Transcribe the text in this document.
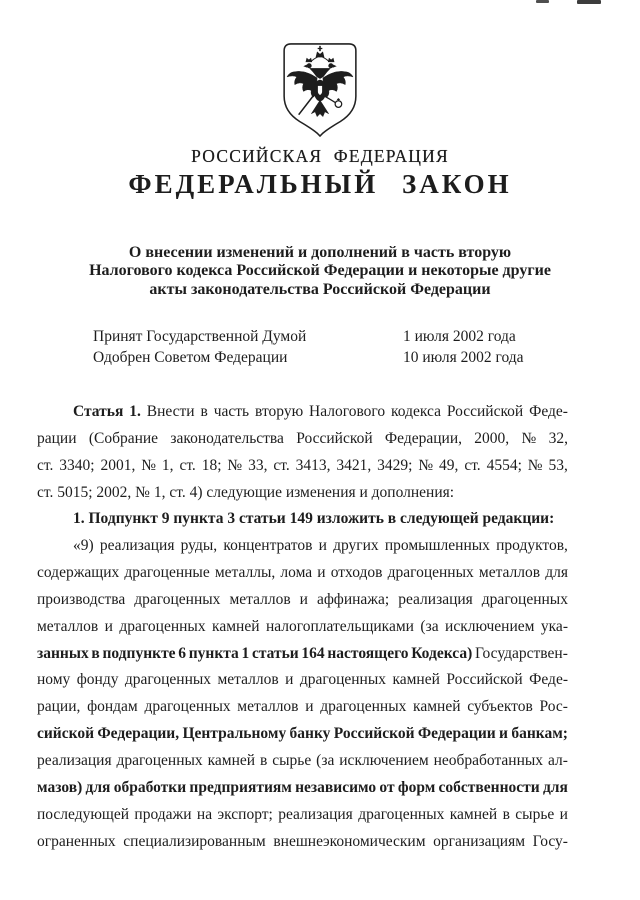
РОССИЙСКАЯ ФЕДЕРАЦИЯ
ФЕДЕРАЛЬНЫЙ ЗАКОН
О внесении изменений и дополнений в часть вторую
Налогового кодекса Российской Федерации и некоторые другие
акты законодательства Российской Федерации
Принят Государственной Думой	1 июля 2002 года
Одобрен Советом Федерации	10 июля 2002 года
Статья 1. Внести в часть вторую Налогового кодекса Российской Феде-
рации (Собрание законодательства Российской Федерации, 2000, № 32,
ст. 3340; 2001, № 1, ст. 18; № 33, ст. 3413, 3421, 3429; № 49, ст. 4554; № 53,
ст. 5015; 2002, № 1, ст. 4) следующие изменения и дополнения:
1. Подпункт 9 пункта 3 статьи 149 изложить в следующей редакции:
«9) реализация руды, концентратов и других промышленных продуктов,
содержащих драгоценные металлы, лома и отходов драгоценных металлов для
производства драгоценных металлов и аффинажа; реализация драгоценных
металлов и драгоценных камней налогоплательщиками (за исключением ука-
занных в подпункте 6 пункта 1 статьи 164 настоящего Кодекса) Государствен-
ному фонду драгоценных металлов и драгоценных камней Российской Феде-
рации, фондам драгоценных металлов и драгоценных камней субъектов Рос-
сийской Федерации, Центральному банку Российской Федерации и банкам;
реализация драгоценных камней в сырье (за исключением необработанных ал-
мазов) для обработки предприятиям независимо от форм собственности для
последующей продажи на экспорт; реализация драгоценных камней в сырье и
ограненных специализированным внешнеэкономическим организациям Госу-
